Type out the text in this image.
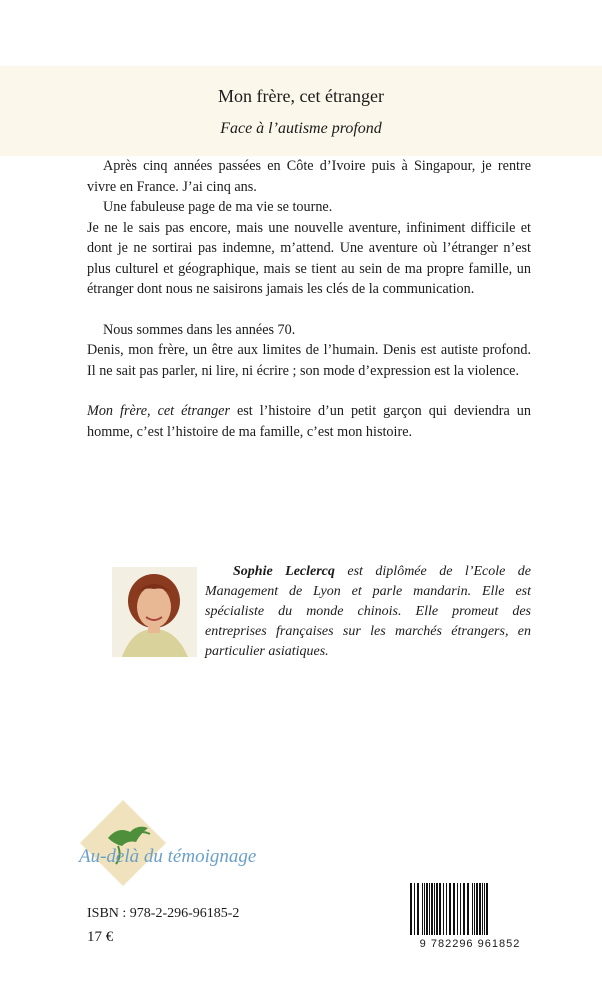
Mon frère, cet étranger
Face à l’autisme profond

Après cinq années passées en Côte d’Ivoire puis à Singapour, je rentre vivre en France. J’ai cinq ans.

Une fabuleuse page de ma vie se tourne.

Je ne le sais pas encore, mais une nouvelle aventure, infiniment difficile et dont je ne sortirai pas indemne, m’attend. Une aventure où l’étranger n’est plus culturel et géographique, mais se tient au sein de ma propre famille, un étranger dont nous ne saisirons jamais les clés de la communication.

Nous sommes dans les années 70.

Denis, mon frère, un être aux limites de l’humain. Denis est autiste profond. Il ne sait pas parler, ni lire, ni écrire ; son mode d’expression est la violence.

Mon frère, cet étranger est l’histoire d’un petit garçon qui deviendra un homme, c’est l’histoire de ma famille, c’est mon histoire.

Sophie Leclercq est diplômée de l’Ecole de Management de Lyon et parle mandarin. Elle est spécialiste du monde chinois. Elle promeut des entreprises françaises sur les marchés étrangers, en particulier asiatiques.
Au-delà du témoignage
ISBN : 978-2-296-96185-2
17 €	9 782296 961852
